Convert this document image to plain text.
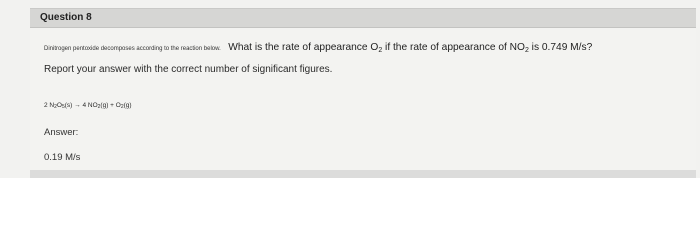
Question 8
Dinitrogen pentoxide decomposes according to the reaction below. What is the rate of appearance $O_2$ if the rate of appearance of $NO_2$ is 0.749 M/s?
Report your answer with the correct number of significant figures.
2 $N_2O_5(s) \to 4$ $NO_2(g) + O_2(g)$
Answer:
0.19 M/s
